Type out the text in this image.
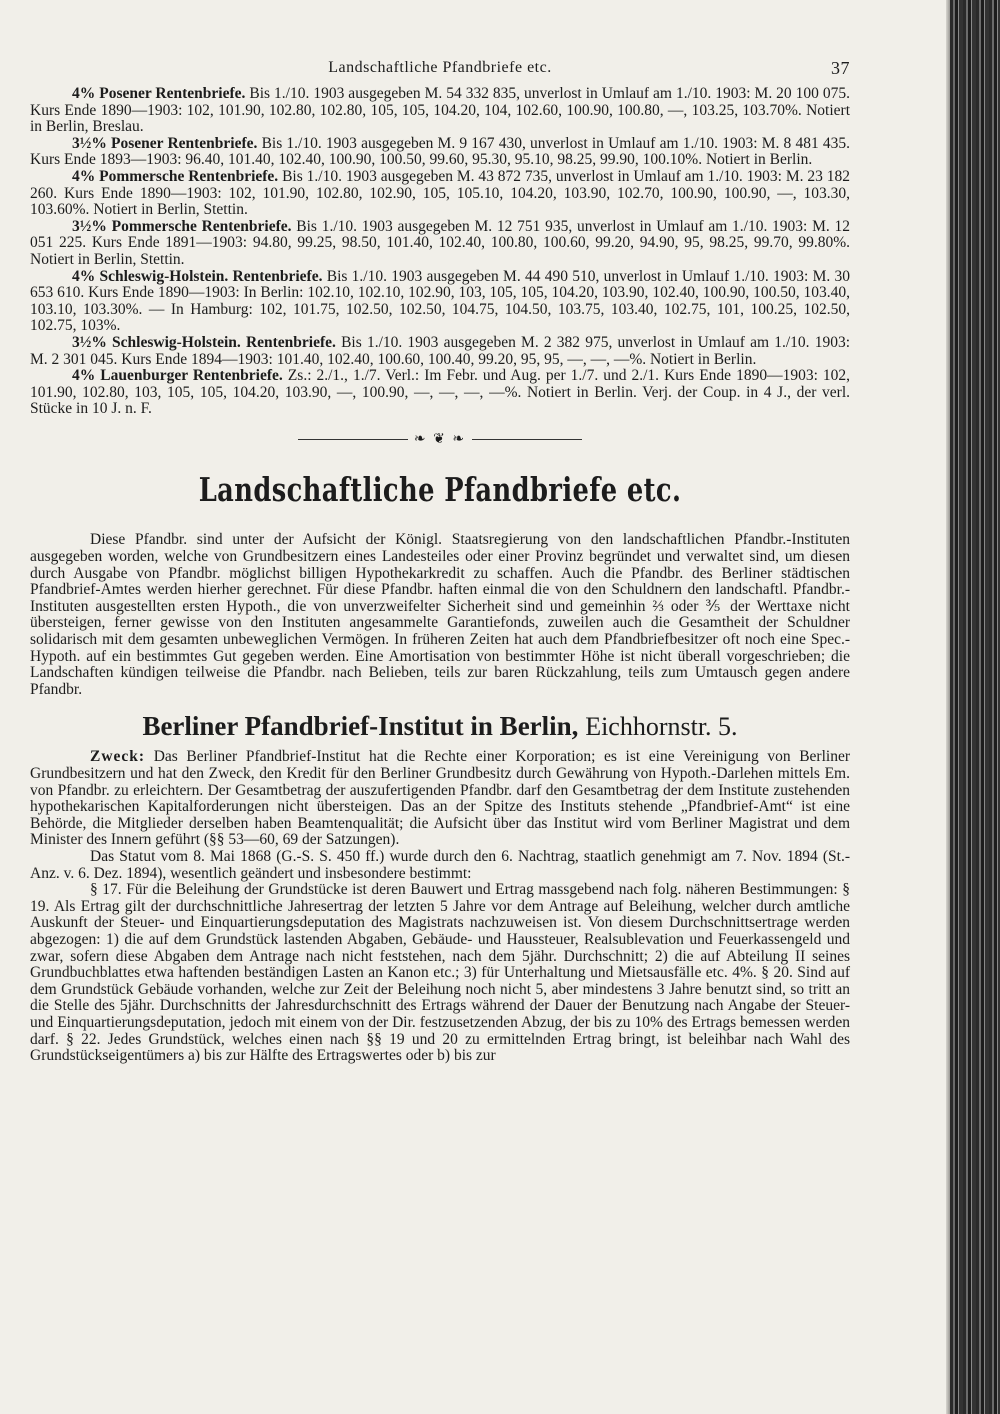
Landschaftliche Pfandbriefe etc.	37

4% Posener Rentenbriefe. Bis 1./10. 1903 ausgegeben M. 54 332 835, unverlost in Umlauf am 1./10. 1903: M. 20 100 075. Kurs Ende 1890—1903: 102, 101.90, 102.80, 102.80, 105, 105, 104.20, 104, 102.60, 100.90, 100.80, —, 103.25, 103.70%. Notiert in Berlin, Breslau.

3½% Posener Rentenbriefe. Bis 1./10. 1903 ausgegeben M. 9 167 430, unverlost in Umlauf am 1./10. 1903: M. 8 481 435. Kurs Ende 1893—1903: 96.40, 101.40, 102.40, 100.90, 100.50, 99.60, 95.30, 95.10, 98.25, 99.90, 100.10%. Notiert in Berlin.

4% Pommersche Rentenbriefe. Bis 1./10. 1903 ausgegeben M. 43 872 735, unverlost in Umlauf am 1./10. 1903: M. 23 182 260. Kurs Ende 1890—1903: 102, 101.90, 102.80, 102.90, 105, 105.10, 104.20, 103.90, 102.70, 100.90, 100.90, —, 103.30, 103.60%. Notiert in Berlin, Stettin.

3½% Pommersche Rentenbriefe. Bis 1./10. 1903 ausgegeben M. 12 751 935, unverlost in Umlauf am 1./10. 1903: M. 12 051 225. Kurs Ende 1891—1903: 94.80, 99.25, 98.50, 101.40, 102.40, 100.80, 100.60, 99.20, 94.90, 95, 98.25, 99.70, 99.80%. Notiert in Berlin, Stettin.

4% Schleswig-Holstein. Rentenbriefe. Bis 1./10. 1903 ausgegeben M. 44 490 510, unverlost in Umlauf 1./10. 1903: M. 30 653 610. Kurs Ende 1890—1903: In Berlin: 102.10, 102.10, 102.90, 103, 105, 105, 104.20, 103.90, 102.40, 100.90, 100.50, 103.40, 103.10, 103.30%. — In Hamburg: 102, 101.75, 102.50, 102.50, 104.75, 104.50, 103.75, 103.40, 102.75, 101, 100.25, 102.50, 102.75, 103%.

3½% Schleswig-Holstein. Rentenbriefe. Bis 1./10. 1903 ausgegeben M. 2 382 975, unverlost in Umlauf am 1./10. 1903: M. 2 301 045. Kurs Ende 1894—1903: 101.40, 102.40, 100.60, 100.40, 99.20, 95, 95, —, —, —%. Notiert in Berlin.

4% Lauenburger Rentenbriefe. Zs.: 2./1., 1./7. Verl.: Im Febr. und Aug. per 1./7. und 2./1. Kurs Ende 1890—1903: 102, 101.90, 102.80, 103, 105, 105, 104.20, 103.90, —, 100.90, —, —, —, —%. Notiert in Berlin. Verj. der Coup. in 4 J., der verl. Stücke in 10 J. n. F.

❧ ❦ ❧
Landschaftliche Pfandbriefe etc.

Diese Pfandbr. sind unter der Aufsicht der Königl. Staatsregierung von den landschaftlichen Pfandbr.-Instituten ausgegeben worden, welche von Grundbesitzern eines Landesteiles oder einer Provinz begründet und verwaltet sind, um diesen durch Ausgabe von Pfandbr. möglichst billigen Hypothekarkredit zu schaffen. Auch die Pfandbr. des Berliner städtischen Pfandbrief-Amtes werden hierher gerechnet. Für diese Pfandbr. haften einmal die von den Schuldnern den landschaftl. Pfandbr.-Instituten ausgestellten ersten Hypoth., die von unverzweifelter Sicherheit sind und gemeinhin ⅔ oder ⅗ der Werttaxe nicht übersteigen, ferner gewisse von den Instituten angesammelte Garantiefonds, zuweilen auch die Gesamtheit der Schuldner solidarisch mit dem gesamten unbeweglichen Vermögen. In früheren Zeiten hat auch dem Pfandbriefbesitzer oft noch eine Spec.-Hypoth. auf ein bestimmtes Gut gegeben werden. Eine Amortisation von bestimmter Höhe ist nicht überall vorgeschrieben; die Landschaften kündigen teilweise die Pfandbr. nach Belieben, teils zur baren Rückzahlung, teils zum Umtausch gegen andere Pfandbr.

Berliner Pfandbrief-Institut in Berlin, Eichhornstr. 5.

Zweck: Das Berliner Pfandbrief-Institut hat die Rechte einer Korporation; es ist eine Vereinigung von Berliner Grundbesitzern und hat den Zweck, den Kredit für den Berliner Grundbesitz durch Gewährung von Hypoth.-Darlehen mittels Em. von Pfandbr. zu erleichtern. Der Gesamtbetrag der auszufertigenden Pfandbr. darf den Gesamtbetrag der dem Institute zustehenden hypothekarischen Kapitalforderungen nicht übersteigen. Das an der Spitze des Instituts stehende „Pfandbrief-Amt“ ist eine Behörde, die Mitglieder derselben haben Beamtenqualität; die Aufsicht über das Institut wird vom Berliner Magistrat und dem Minister des Innern geführt (§§ 53—60, 69 der Satzungen).

Das Statut vom 8. Mai 1868 (G.-S. S. 450 ff.) wurde durch den 6. Nachtrag, staatlich genehmigt am 7. Nov. 1894 (St.-Anz. v. 6. Dez. 1894), wesentlich geändert und insbesondere bestimmt:

§ 17. Für die Beleihung der Grundstücke ist deren Bauwert und Ertrag massgebend nach folg. näheren Bestimmungen: § 19. Als Ertrag gilt der durchschnittliche Jahresertrag der letzten 5 Jahre vor dem Antrage auf Beleihung, welcher durch amtliche Auskunft der Steuer- und Einquartierungsdeputation des Magistrats nachzuweisen ist. Von diesem Durchschnittsertrage werden abgezogen: 1) die auf dem Grundstück lastenden Abgaben, Gebäude- und Haussteuer, Realsublevation und Feuerkassengeld und zwar, sofern diese Abgaben dem Antrage nach nicht feststehen, nach dem 5jähr. Durchschnitt; 2) die auf Abteilung II seines Grundbuchblattes etwa haftenden beständigen Lasten an Kanon etc.; 3) für Unterhaltung und Mietsausfälle etc. 4%. § 20. Sind auf dem Grundstück Gebäude vorhanden, welche zur Zeit der Beleihung noch nicht 5, aber mindestens 3 Jahre benutzt sind, so tritt an die Stelle des 5jähr. Durchschnitts der Jahresdurchschnitt des Ertrags während der Dauer der Benutzung nach Angabe der Steuer- und Einquartierungsdeputation, jedoch mit einem von der Dir. festzusetzenden Abzug, der bis zu 10% des Ertrags bemessen werden darf. § 22. Jedes Grundstück, welches einen nach §§ 19 und 20 zu ermittelnden Ertrag bringt, ist beleihbar nach Wahl des Grundstückseigentümers a) bis zur Hälfte des Ertragswertes oder b) bis zur
